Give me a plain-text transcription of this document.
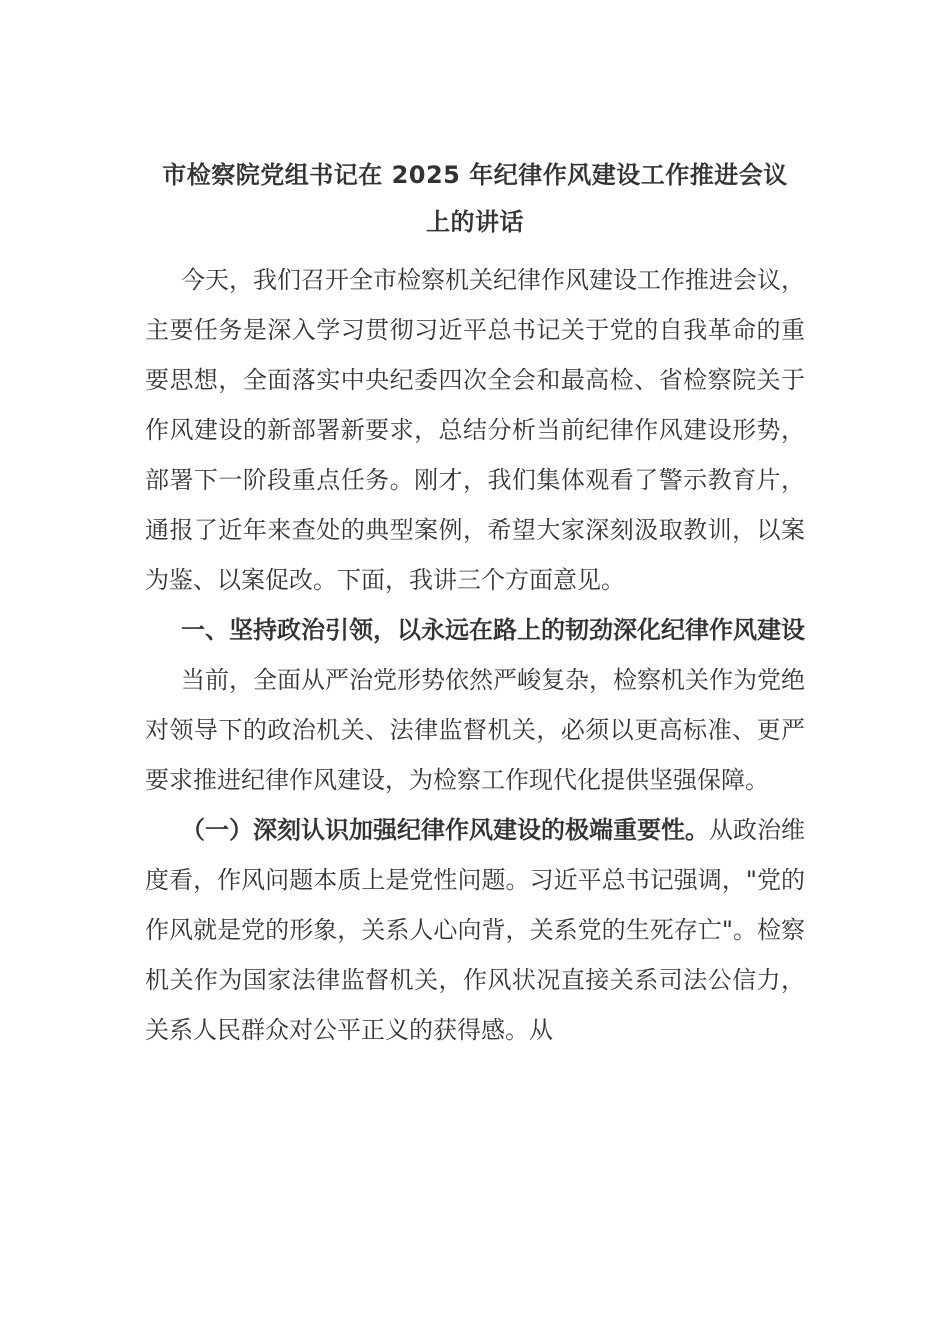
市检察院党组书记在 2025 年纪律作风建设工作推进会议
上的讲话

今天，我们召开全市检察机关纪律作风建设工作推进会议，主要任务是深入学习贯彻习近平总书记关于党的自我革命的重要思想，全面落实中央纪委四次全会和最高检、省检察院关于作风建设的新部署新要求，总结分析当前纪律作风建设形势，部署下一阶段重点任务。刚才，我们集体观看了警示教育片，通报了近年来查处的典型案例，希望大家深刻汲取教训，以案为鉴、以案促改。下面，我讲三个方面意见。

一、坚持政治引领，以永远在路上的韧劲深化纪律作风建设

当前，全面从严治党形势依然严峻复杂，检察机关作为党绝对领导下的政治机关、法律监督机关，必须以更高标准、更严要求推进纪律作风建设，为检察工作现代化提供坚强保障。

（一）深刻认识加强纪律作风建设的极端重要性。从政治维度看，作风问题本质上是党性问题。习近平总书记强调，"党的作风就是党的形象，关系人心向背，关系党的生死存亡"。检察机关作为国家法律监督机关，作风状况直接关系司法公信力，关系人民群众对公平正义的获得感。从
